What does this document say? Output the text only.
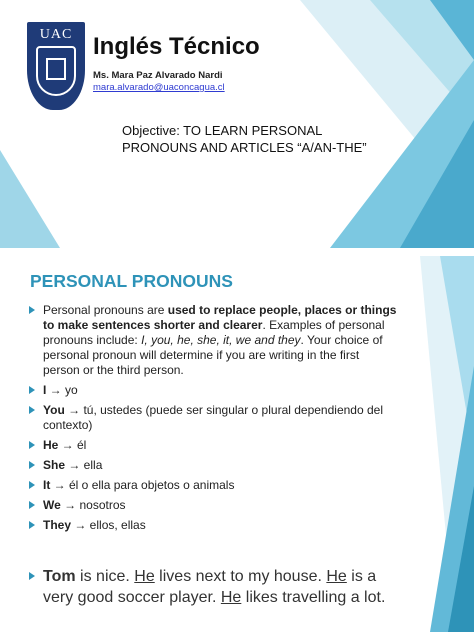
UAC Inglés Técnico

Ms. Mara Paz Alvarado Nardi

mara.alvarado@uaconcagua.cl

Objective: TO LEARN PERSONAL PRONOUNS AND ARTICLES “A/AN-THE”

PERSONAL PRONOUNS
Personal pronouns are used to replace people, places or things to make sentences shorter and clearer. Examples of personal pronouns include: I, you, he, she, it, we and they. Your choice of personal pronoun will determine if you are writing in the first person or the third person.
I → yo
You → tú, ustedes (puede ser singular o plural dependiendo del contexto)
He → él
She → ella
It → él o ella para objetos o animals
We → nosotros
They → ellos, ellas

Tom is nice. He lives next to my house. He is a very good soccer player. He likes travelling a lot.
